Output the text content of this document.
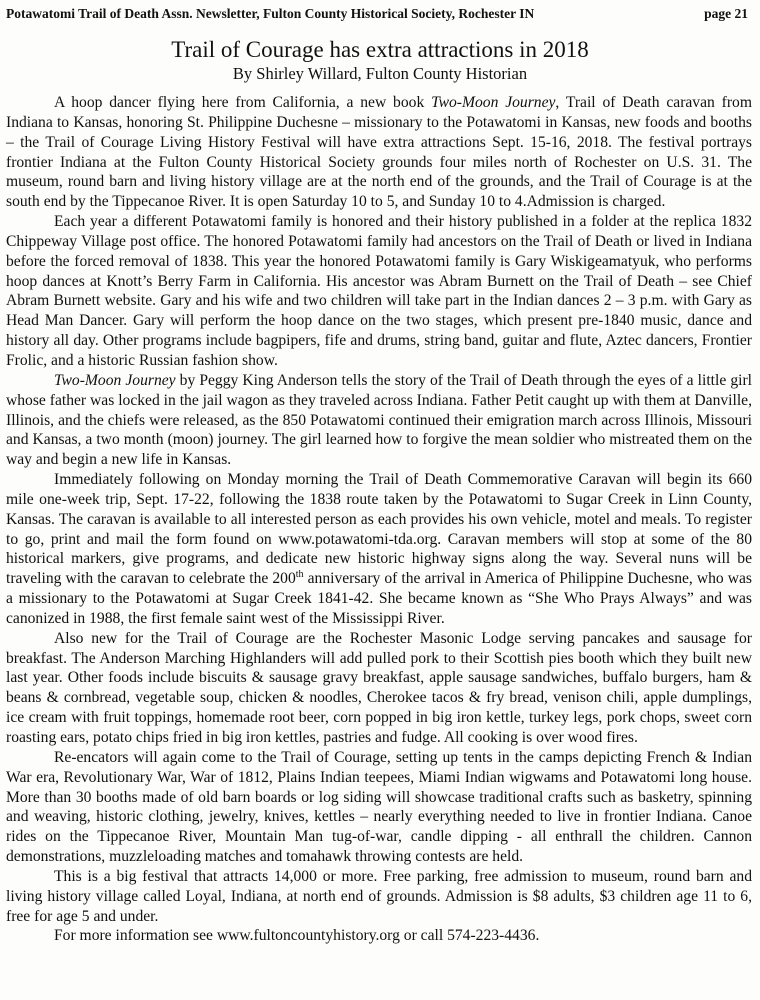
Potawatomi Trail of Death Assn. Newsletter, Fulton County Historical Society, Rochester IN	page 21
Trail of Courage has extra attractions in 2018
By Shirley Willard, Fulton County Historian

A hoop dancer flying here from California, a new book Two-Moon Journey, Trail of Death caravan from Indiana to Kansas, honoring St. Philippine Duchesne – missionary to the Potawatomi in Kansas, new foods and booths – the Trail of Courage Living History Festival will have extra attractions Sept. 15-16, 2018. The festival portrays frontier Indiana at the Fulton County Historical Society grounds four miles north of Rochester on U.S. 31. The museum, round barn and living history village are at the north end of the grounds, and the Trail of Courage is at the south end by the Tippecanoe River. It is open Saturday 10 to 5, and Sunday 10 to 4.Admission is charged.

Each year a different Potawatomi family is honored and their history published in a folder at the replica 1832 Chippeway Village post office. The honored Potawatomi family had ancestors on the Trail of Death or lived in Indiana before the forced removal of 1838. This year the honored Potawatomi family is Gary Wiskigeamatyuk, who performs hoop dances at Knott’s Berry Farm in California. His ancestor was Abram Burnett on the Trail of Death – see Chief Abram Burnett website. Gary and his wife and two children will take part in the Indian dances 2 – 3 p.m. with Gary as Head Man Dancer. Gary will perform the hoop dance on the two stages, which present pre-1840 music, dance and history all day. Other programs include bagpipers, fife and drums, string band, guitar and flute, Aztec dancers, Frontier Frolic, and a historic Russian fashion show.

Two-Moon Journey by Peggy King Anderson tells the story of the Trail of Death through the eyes of a little girl whose father was locked in the jail wagon as they traveled across Indiana. Father Petit caught up with them at Danville, Illinois, and the chiefs were released, as the 850 Potawatomi continued their emigration march across Illinois, Missouri and Kansas, a two month (moon) journey. The girl learned how to forgive the mean soldier who mistreated them on the way and begin a new life in Kansas.

Immediately following on Monday morning the Trail of Death Commemorative Caravan will begin its 660 mile one-week trip, Sept. 17-22, following the 1838 route taken by the Potawatomi to Sugar Creek in Linn County, Kansas. The caravan is available to all interested person as each provides his own vehicle, motel and meals. To register to go, print and mail the form found on www.potawatomi-tda.org. Caravan members will stop at some of the 80 historical markers, give programs, and dedicate new historic highway signs along the way. Several nuns will be traveling with the caravan to celebrate the 200th anniversary of the arrival in America of Philippine Duchesne, who was a missionary to the Potawatomi at Sugar Creek 1841-42. She became known as “She Who Prays Always” and was canonized in 1988, the first female saint west of the Mississippi River.

Also new for the Trail of Courage are the Rochester Masonic Lodge serving pancakes and sausage for breakfast. The Anderson Marching Highlanders will add pulled pork to their Scottish pies booth which they built new last year. Other foods include biscuits & sausage gravy breakfast, apple sausage sandwiches, buffalo burgers, ham & beans & cornbread, vegetable soup, chicken & noodles, Cherokee tacos & fry bread, venison chili, apple dumplings, ice cream with fruit toppings, homemade root beer, corn popped in big iron kettle, turkey legs, pork chops, sweet corn roasting ears, potato chips fried in big iron kettles, pastries and fudge. All cooking is over wood fires.

Re-encators will again come to the Trail of Courage, setting up tents in the camps depicting French & Indian War era, Revolutionary War, War of 1812, Plains Indian teepees, Miami Indian wigwams and Potawatomi long house. More than 30 booths made of old barn boards or log siding will showcase traditional crafts such as basketry, spinning and weaving, historic clothing, jewelry, knives, kettles – nearly everything needed to live in frontier Indiana. Canoe rides on the Tippecanoe River, Mountain Man tug-of-war, candle dipping - all enthrall the children. Cannon demonstrations, muzzleloading matches and tomahawk throwing contests are held.

This is a big festival that attracts 14,000 or more. Free parking, free admission to museum, round barn and living history village called Loyal, Indiana, at north end of grounds. Admission is $8 adults, $3 children age 11 to 6, free for age 5 and under.

For more information see www.fultoncountyhistory.org or call 574-223-4436.
